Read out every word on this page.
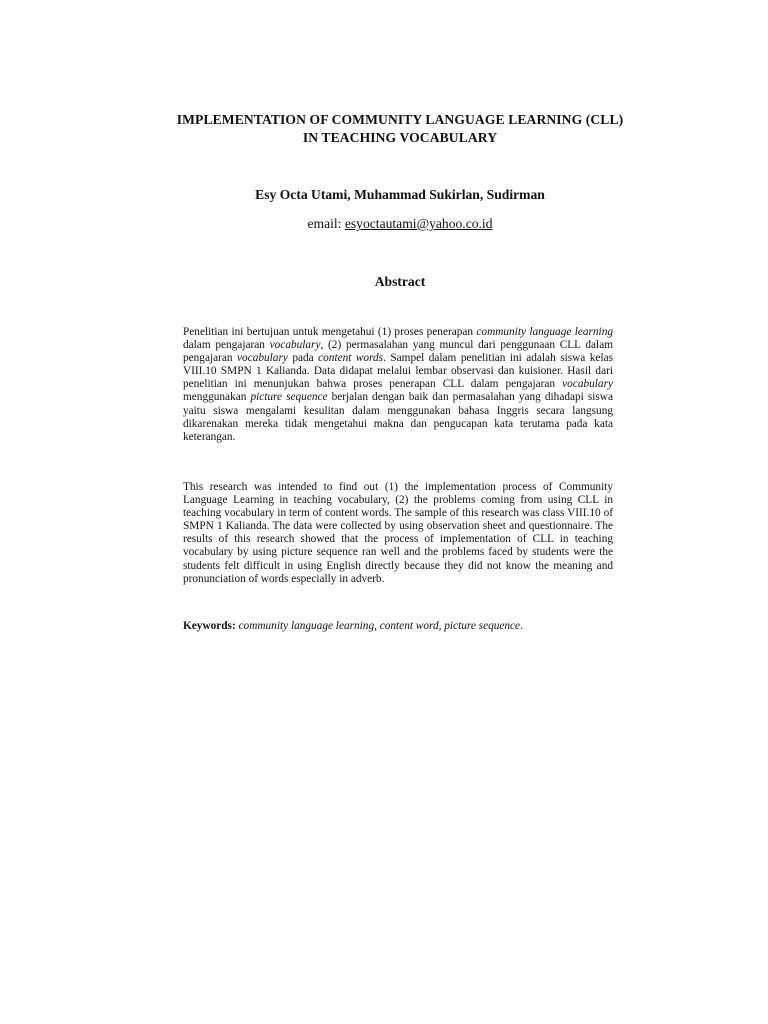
IMPLEMENTATION OF COMMUNITY LANGUAGE LEARNING (CLL)
IN TEACHING VOCABULARY
Esy Octa Utami, Muhammad Sukirlan, Sudirman
email: esyoctautami@yahoo.co.id
Abstract

Penelitian ini bertujuan untuk mengetahui (1) proses penerapan community language learning dalam pengajaran vocabulary, (2) permasalahan yang muncul dari penggunaan CLL dalam pengajaran vocabulary pada content words. Sampel dalam penelitian ini adalah siswa kelas VIII.10 SMPN 1 Kalianda. Data didapat melalui lembar observasi dan kuisioner. Hasil dari penelitian ini menunjukan bahwa proses penerapan CLL dalam pengajaran vocabulary menggunakan picture sequence berjalan dengan baik dan permasalahan yang dihadapi siswa yaitu siswa mengalami kesulitan dalam menggunakan bahasa Inggris secara langsung dikarenakan mereka tidak mengetahui makna dan pengucapan kata terutama pada kata keterangan.

This research was intended to find out (1) the implementation process of Community Language Learning in teaching vocabulary, (2) the problems coming from using CLL in teaching vocabulary in term of content words. The sample of this research was class VIII.10 of SMPN 1 Kalianda. The data were collected by using observation sheet and questionnaire. The results of this research showed that the process of implementation of CLL in teaching vocabulary by using picture sequence ran well and the problems faced by students were the students felt difficult in using English directly because they did not know the meaning and pronunciation of words especially in adverb.

Keywords: community language learning, content word, picture sequence.
